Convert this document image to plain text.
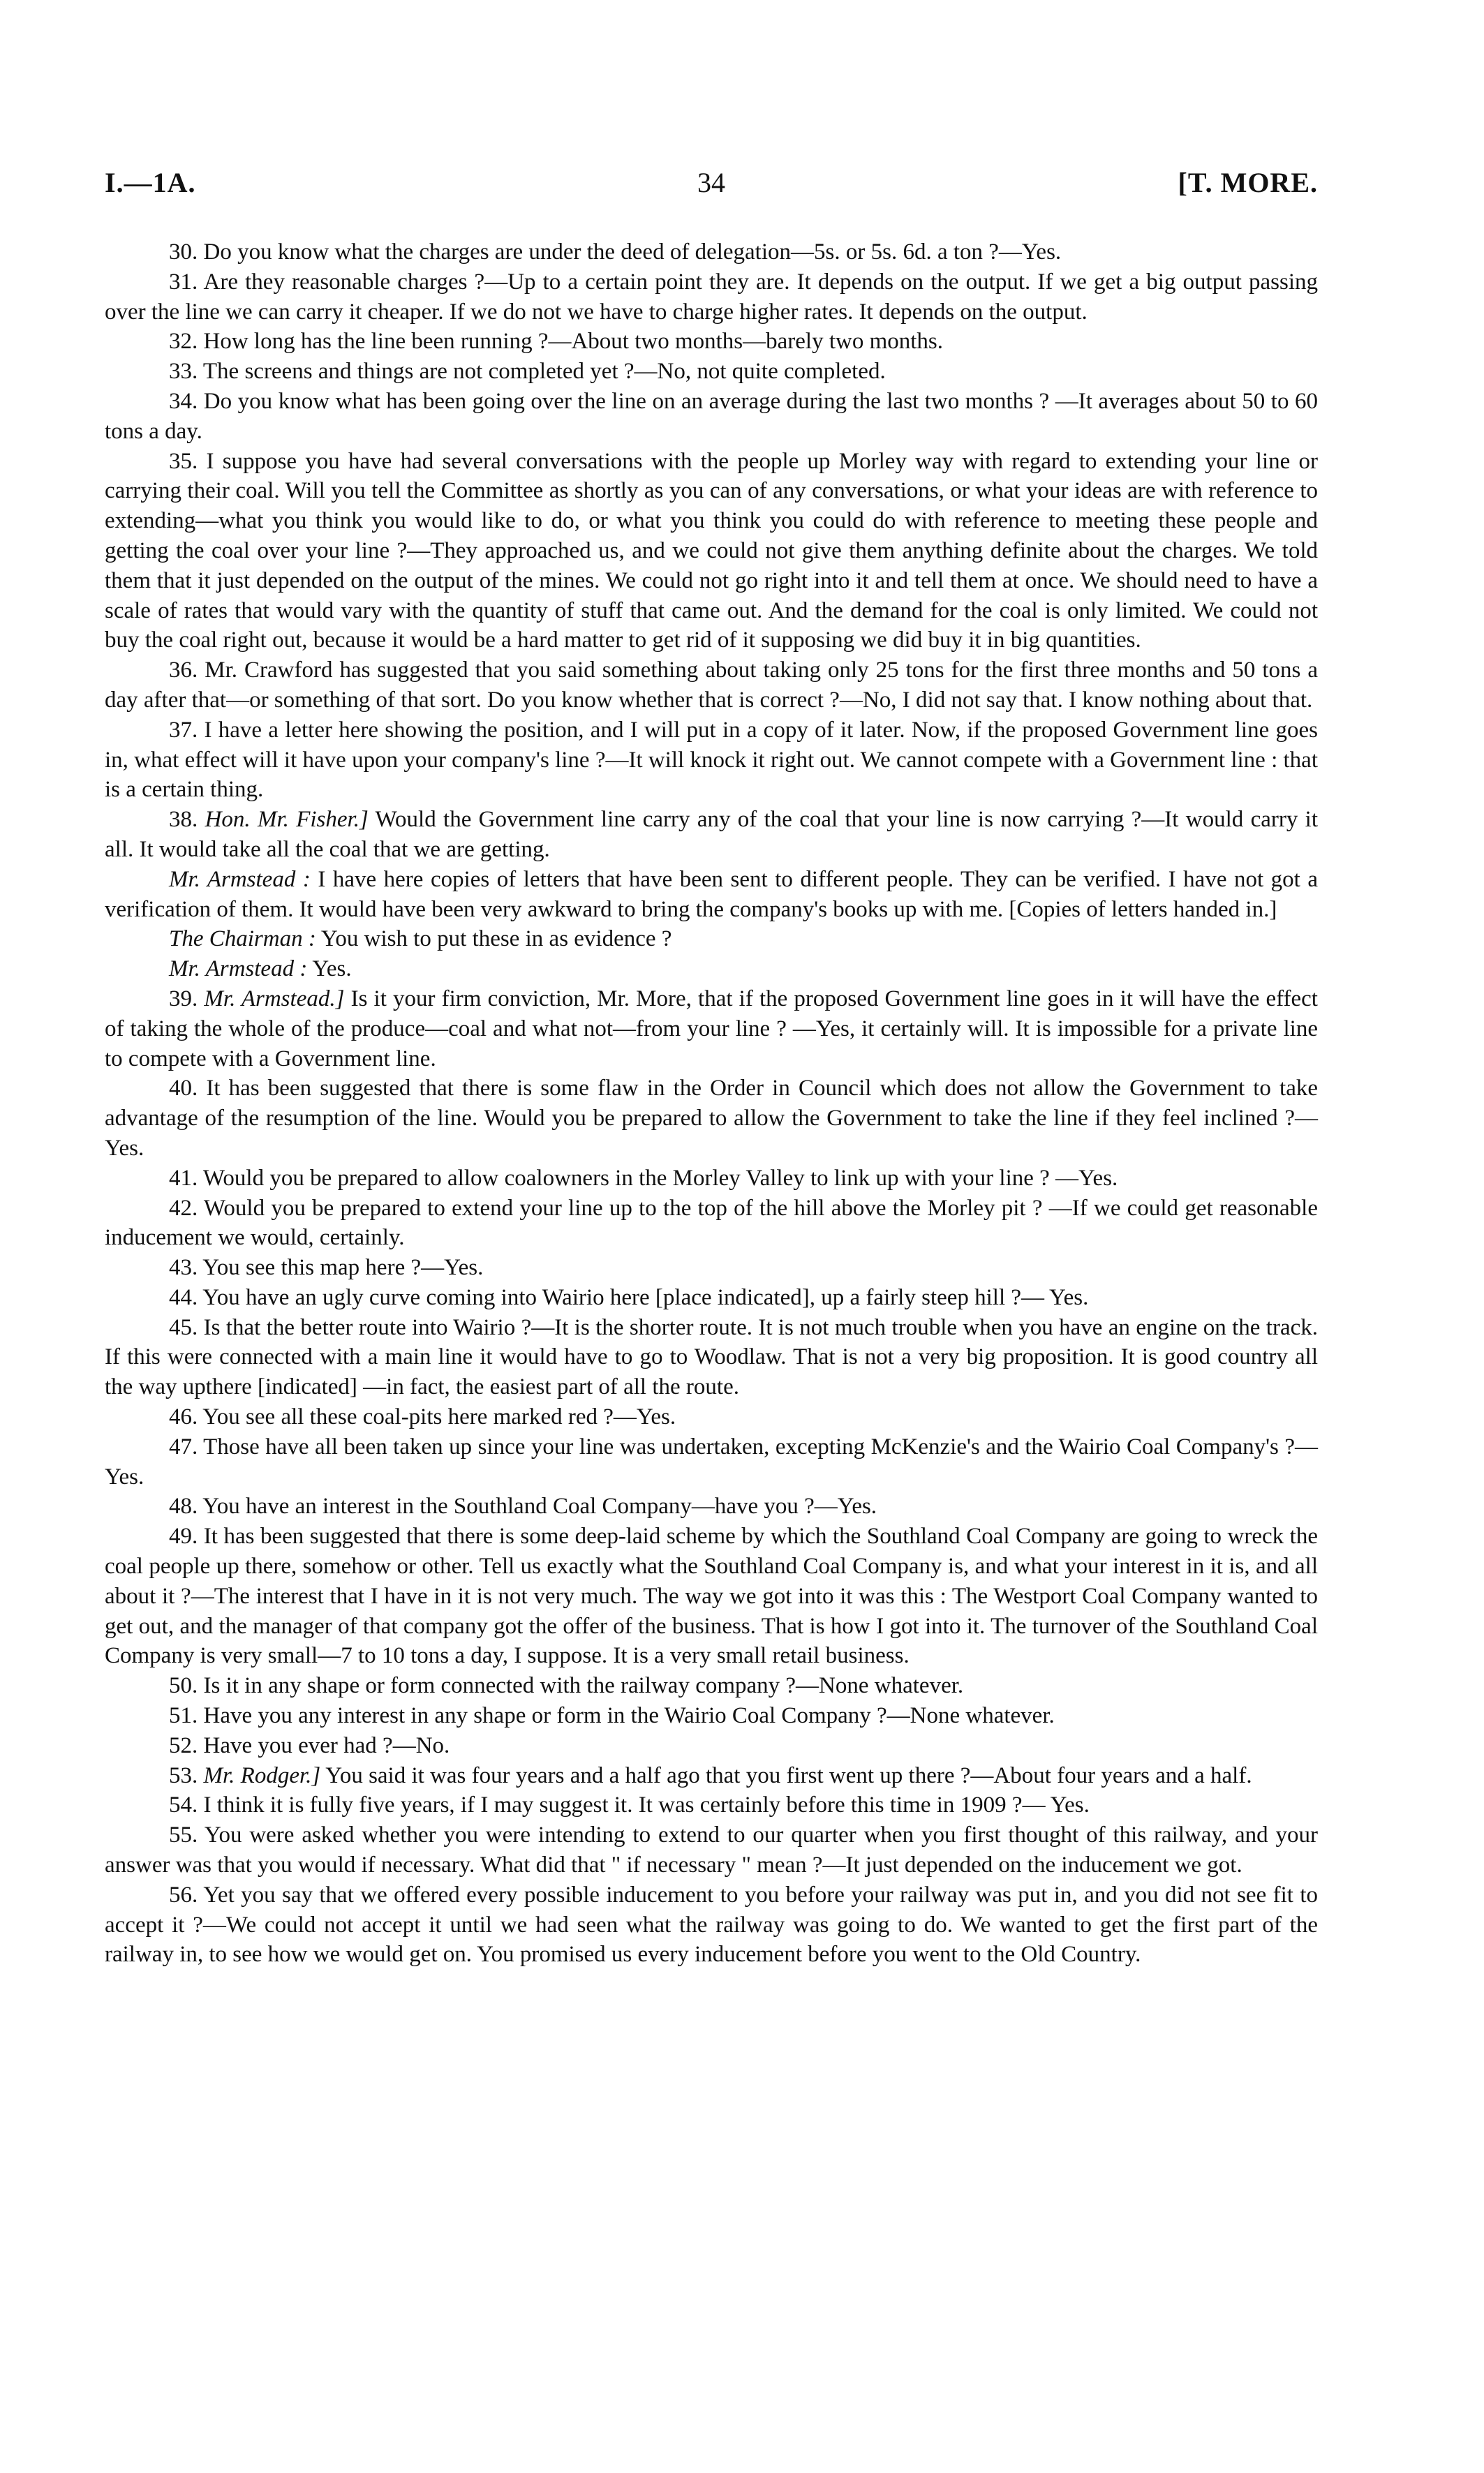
I.—1A.	34	[T. MORE.

30. Do you know what the charges are under the deed of delegation—5s. or 5s. 6d. a ton ?—Yes.

31. Are they reasonable charges ?—Up to a certain point they are. It depends on the output. If we get a big output passing over the line we can carry it cheaper. If we do not we have to charge higher rates. It depends on the output.

32. How long has the line been running ?—About two months—barely two months.

33. The screens and things are not completed yet ?—No, not quite completed.

34. Do you know what has been going over the line on an average during the last two months ? —It averages about 50 to 60 tons a day.

35. I suppose you have had several conversations with the people up Morley way with regard to extending your line or carrying their coal. Will you tell the Committee as shortly as you can of any conversations, or what your ideas are with reference to extending—what you think you would like to do, or what you think you could do with reference to meeting these people and getting the coal over your line ?—They approached us, and we could not give them anything definite about the charges. We told them that it just depended on the output of the mines. We could not go right into it and tell them at once. We should need to have a scale of rates that would vary with the quantity of stuff that came out. And the demand for the coal is only limited. We could not buy the coal right out, because it would be a hard matter to get rid of it supposing we did buy it in big quantities.

36. Mr. Crawford has suggested that you said something about taking only 25 tons for the first three months and 50 tons a day after that—or something of that sort. Do you know whether that is correct ?—No, I did not say that. I know nothing about that.

37. I have a letter here showing the position, and I will put in a copy of it later. Now, if the proposed Government line goes in, what effect will it have upon your company's line ?—It will knock it right out. We cannot compete with a Government line : that is a certain thing.

38. Hon. Mr. Fisher.] Would the Government line carry any of the coal that your line is now carrying ?—It would carry it all. It would take all the coal that we are getting.

Mr. Armstead : I have here copies of letters that have been sent to different people. They can be verified. I have not got a verification of them. It would have been very awkward to bring the company's books up with me. [Copies of letters handed in.]

The Chairman : You wish to put these in as evidence ?

Mr. Armstead : Yes.

39. Mr. Armstead.] Is it your firm conviction, Mr. More, that if the proposed Government line goes in it will have the effect of taking the whole of the produce—coal and what not—from your line ? —Yes, it certainly will. It is impossible for a private line to compete with a Government line.

40. It has been suggested that there is some flaw in the Order in Council which does not allow the Government to take advantage of the resumption of the line. Would you be prepared to allow the Government to take the line if they feel inclined ?—Yes.

41. Would you be prepared to allow coalowners in the Morley Valley to link up with your line ? —Yes.

42. Would you be prepared to extend your line up to the top of the hill above the Morley pit ? —If we could get reasonable inducement we would, certainly.

43. You see this map here ?—Yes.

44. You have an ugly curve coming into Wairio here [place indicated], up a fairly steep hill ?— Yes.

45. Is that the better route into Wairio ?—It is the shorter route. It is not much trouble when you have an engine on the track. If this were connected with a main line it would have to go to Woodlaw. That is not a very big proposition. It is good country all the way upthere [indicated] —in fact, the easiest part of all the route.

46. You see all these coal-pits here marked red ?—Yes.

47. Those have all been taken up since your line was undertaken, excepting McKenzie's and the Wairio Coal Company's ?—Yes.

48. You have an interest in the Southland Coal Company—have you ?—Yes.

49. It has been suggested that there is some deep-laid scheme by which the Southland Coal Company are going to wreck the coal people up there, somehow or other. Tell us exactly what the Southland Coal Company is, and what your interest in it is, and all about it ?—The interest that I have in it is not very much. The way we got into it was this : The Westport Coal Company wanted to get out, and the manager of that company got the offer of the business. That is how I got into it. The turnover of the Southland Coal Company is very small—7 to 10 tons a day, I suppose. It is a very small retail business.

50. Is it in any shape or form connected with the railway company ?—None whatever.

51. Have you any interest in any shape or form in the Wairio Coal Company ?—None whatever.

52. Have you ever had ?—No.

53. Mr. Rodger.] You said it was four years and a half ago that you first went up there ?—About four years and a half.

54. I think it is fully five years, if I may suggest it. It was certainly before this time in 1909 ?— Yes.

55. You were asked whether you were intending to extend to our quarter when you first thought of this railway, and your answer was that you would if necessary. What did that " if necessary " mean ?—It just depended on the inducement we got.

56. Yet you say that we offered every possible inducement to you before your railway was put in, and you did not see fit to accept it ?—We could not accept it until we had seen what the railway was going to do. We wanted to get the first part of the railway in, to see how we would get on. You promised us every inducement before you went to the Old Country.
